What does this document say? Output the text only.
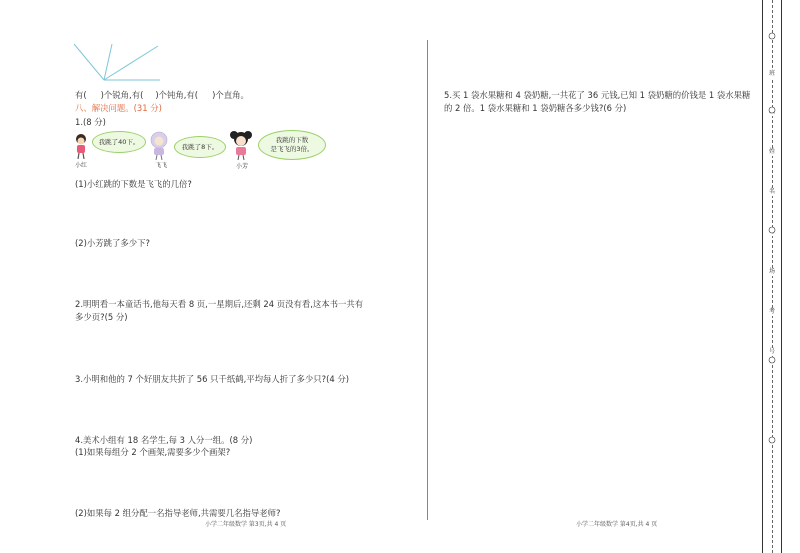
有( )个锐角,有( )个钝角,有( )个直角。
八、解决问题。(31 分)
1.(8 分)
小红
我跳了40下。
飞飞
我跳了8下。
小芳
我跳的下数
是飞飞的3倍。
(1)小红跳的下数是飞飞的几倍?
(2)小芳跳了多少下?
2.明明看一本童话书,他每天看 8 页,一星期后,还剩 24 页没有看,这本书一共有
多少页?(5 分)
3.小明和他的 7 个好朋友共折了 56 只千纸鹤,平均每人折了多少只?(4 分)
4.美术小组有 18 名学生,每 3 人分一组。(8 分)
(1)如果每组分 2 个画架,需要多少个画架?
(2)如果每 2 组分配一名指导老师,共需要几名指导老师?
小学二年级数学 第3页,共 4 页
5.买 1 袋水果糖和 4 袋奶糖,一共花了 36 元钱,已知 1 袋奶糖的价钱是 1 袋水果糖
的 2 倍。1 袋水果糖和 1 袋奶糖各多少钱?(6 分)
小学二年级数学 第4页,共 4 页
班
姓
名
场
考
号
